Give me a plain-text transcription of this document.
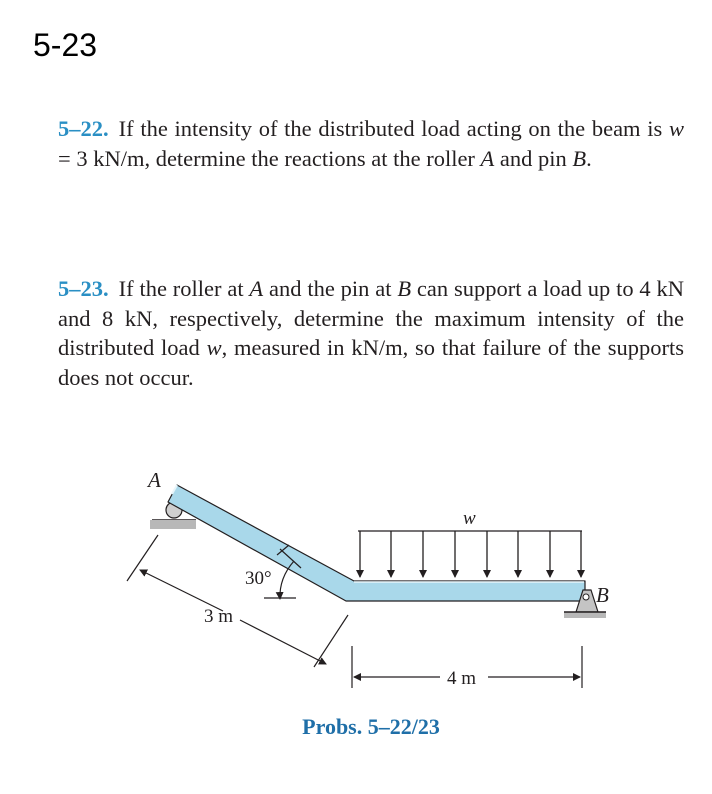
5-23
5–22. If the intensity of the distributed load acting on the beam is w = 3 kN/m, determine the reactions at the roller A and pin B.
5–23. If the roller at A and the pin at B can support a load up to 4 kN and 8 kN, respectively, determine the maximum intensity of the distributed load w, measured in kN/m, so that failure of the supports does not occur.
A
B
w
30°
3 m
4 m
Probs. 5–22/23
